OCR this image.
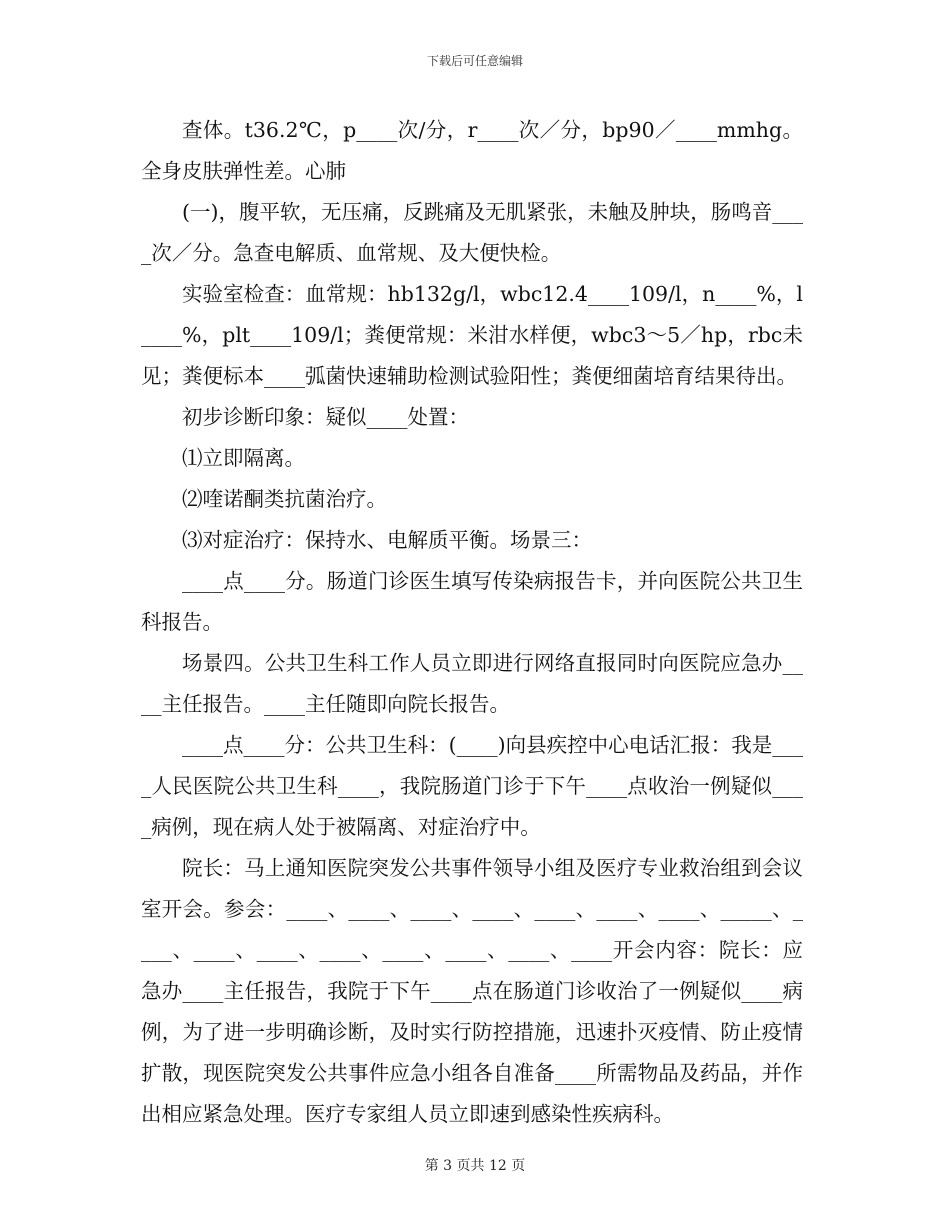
下载后可任意编辑

查体。t36.2℃，p____次/分，r____次／分，bp90／____mmhg。全身皮肤弹性差。心肺

(一)，腹平软，无压痛，反跳痛及无肌紧张，未触及肿块，肠鸣音____次／分。急查电解质、血常规、及大便快检。

实验室检查：血常规：hb132g/l，wbc12.4____109/l，n____%，l____%，plt____109/l；粪便常规：米泔水样便，wbc3～5／hp，rbc未见；粪便标本____弧菌快速辅助检测试验阳性；粪便细菌培育结果待出。

初步诊断印象：疑似____处置：

⑴立即隔离。

⑵喹诺酮类抗菌治疗。

⑶对症治疗：保持水、电解质平衡。场景三：

____点____分。肠道门诊医生填写传染病报告卡，并向医院公共卫生科报告。

场景四。公共卫生科工作人员立即进行网络直报同时向医院应急办____主任报告。____主任随即向院长报告。

____点____分：公共卫生科：(____)向县疾控中心电话汇报：我是____人民医院公共卫生科____，我院肠道门诊于下午____点收治一例疑似____病例，现在病人处于被隔离、对症治疗中。

院长：马上通知医院突发公共事件领导小组及医疗专业救治组到会议室开会。参会：____、____、____、____、____、____、____、_____、____、____、____、____、____、____、____、____开会内容：院长：应急办____主任报告，我院于下午____点在肠道门诊收治了一例疑似____病例，为了进一步明确诊断，及时实行防控措施，迅速扑灭疫情、防止疫情扩散，现医院突发公共事件应急小组各自准备____所需物品及药品，并作出相应紧急处理。医疗专家组人员立即速到感染性疾病科。

第 3 页共 12 页
